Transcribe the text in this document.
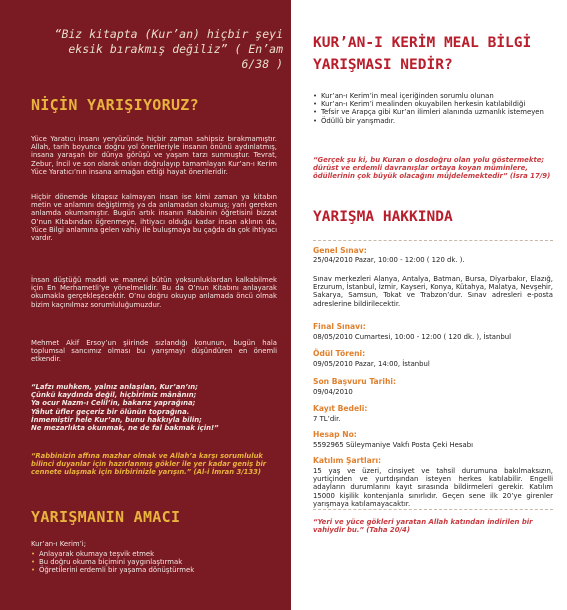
“Biz kitapta (Kur’an) hiçbir şeyi eksik bırakmış değiliz” ( En’am 6/38 )
NİÇİN YARIŞIYORUZ?
Yüce Yaratıcı insanı yeryüzünde hiçbir zaman sahipsiz bırakmamıştır. Allah, tarih boyunca doğru yol önerileriyle insanın önünü aydınlatmış, insana yaraşan bir dünya görüşü ve yaşam tarzı sunmuştur. Tevrat, Zebur, İncil ve son olarak onları doğrulayıp tamamlayan Kur’an-ı Kerim Yüce Yaratıcı’nın insana armağan ettiği hayat önerileridir.
Hiçbir dönemde kitapsız kalmayan insan ise kimi zaman ya kitabın metin ve anlamını değiştirmiş ya da anlamadan okumuş; yani gereken anlamda okumamıştır. Bugün artık insanın Rabbinin öğretisini bizzat O’nun Kitabından öğrenmeye, ihtiyacı olduğu kadar insan aklının da, Yüce Bilgi anlamına gelen vahiy ile buluşmaya bu çağda da çok ihtiyacı vardır.
İnsan düştüğü maddi ve manevi bütün yoksunluklardan kalkabilmek için En Merhametli’ye yönelmelidir. Bu da O’nun Kitabını anlayarak okumakla gerçekleşecektir. O’nu doğru okuyup anlamada öncü olmak bizim kaçınılmaz sorumluluğumuzdur.
Mehmet Akif Ersoy’un şiirinde sızlandığı konunun, bugün hala toplumsal sancımız olması bu yarışmayı düşündüren en önemli etkendir.
“Lafzı muhkem, yalnız anlaşılan, Kur’an’ın;
Çünkü kaydında değil, hiçbirimiz mânânın;
Ya ocur Nazm-ı Celil’in, bakarız yaprağına;
Yâhut üfler geçeriz bir ölünün toprağına.
İnmemiştir hele Kur’an, bunu hakkıyla bilin;
Ne mezarlıkta okunmak, ne de fal bakmak için!”
“Rabbinizin affına mazhar olmak ve Allah’a karşı sorumluluk bilinci duyanlar için hazırlanmış gökler ile yer kadar geniş bir cennete ulaşmak için birbirinizle yarışın.” (Al-i İmran 3/133)
YARIŞMANIN AMACI
Kur’an-ı Kerim’i;
• Anlayarak okumaya teşvik etmek
• Bu doğru okuma biçimini yaygınlaştırmak
• Öğretilerini erdemli bir yaşama dönüştürmek
KUR’AN-I KERİM MEAL BİLGİ
YARIŞMASI NEDİR?
• Kur’an-ı Kerim’in meal içeriğinden sorumlu olunan
• Kur’an-ı Kerim’i mealinden okuyabilen herkesin katılabildiği
• Tefsir ve Arapça gibi Kur’an ilimleri alanında uzmanlık istemeyen
• Ödüllü bir yarışmadır.
“Gerçek şu ki, bu Kuran o dosdoğru olan yolu göstermekte; dürüst ve erdemli davranışlar ortaya koyan müminlere, ödüllerinin çok büyük olacağını müjdelemektedir” (İsra 17/9)
YARIŞMA HAKKINDA
Genel Sınav:
25/04/2010 Pazar, 10:00 - 12:00 ( 120 dk. ).
Sınav merkezleri Alanya, Antalya, Batman, Bursa, Diyarbakır, Elazığ, Erzurum, İstanbul, İzmir, Kayseri, Konya, Kütahya, Malatya, Nevşehir, Sakarya, Samsun, Tokat ve Trabzon’dur. Sınav adresleri e-posta adreslerine bildirilecektir.
Final Sınavı:
08/05/2010 Cumartesi, 10:00 - 12:00 ( 120 dk. ), İstanbul
Ödül Töreni:
09/05/2010 Pazar, 14:00, İstanbul
Son Başvuru Tarihi:
09/04/2010
Kayıt Bedeli:
7 TL’dir.
Hesap No:
5592965 Süleymaniye Vakfı Posta Çeki Hesabı
Katılım Şartları:
15 yaş ve üzeri, cinsiyet ve tahsil durumuna bakılmaksızın, yurtiçinden ve yurtdışından isteyen herkes katılabilir. Engelli adayların durumlarını kayıt sırasında bildirmeleri gerekir. Katılım 15000 kişilik kontenjanla sınırlıdır. Geçen sene ilk 20’ye girenler yarışmaya katılamayacaktır.
“Yeri ve yüce gökleri yaratan Allah katından indirilen bir vahiydir bu.” (Taha 20/4)
